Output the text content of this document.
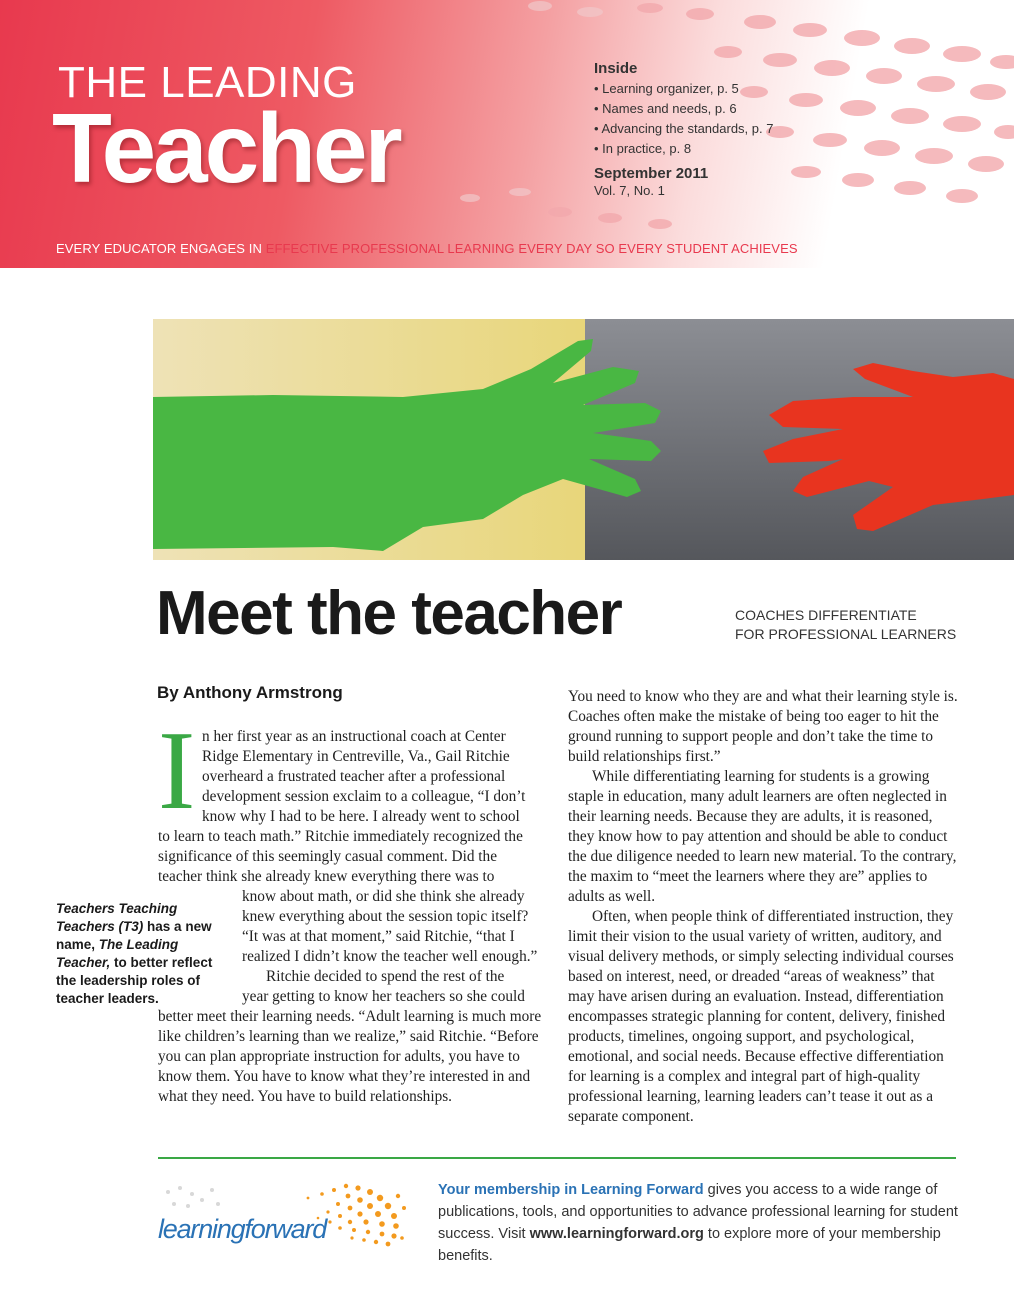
THE LEADING
Teacher
Inside
• Learning organizer, p. 5
• Names and needs, p. 6
• Advancing the standards, p. 7
• In practice, p. 8
September 2011
Vol. 7, No. 1
EVERY EDUCATOR ENGAGES IN EFFECTIVE PROFESSIONAL LEARNING EVERY DAY SO EVERY STUDENT ACHIEVES
Meet the teacher	COACHES DIFFERENTIATE
FOR PROFESSIONAL LEARNERS
By Anthony Armstrong
I n her first year as an instructional coach at Center Ridge Elementary in Centreville, Va., Gail Ritchie overheard a frustrated teacher after a professional development session exclaim to a colleague, “I don’t know why I had to be here. I already went to school
to learn to teach math.” Ritchie immediately recognized the significance of this seemingly casual comment. Did the teacher think she already knew everything there was to

know about math, or did she think she already knew everything about the session topic itself? “It was at that moment,” said Ritchie, “that I realized I didn’t know the teacher well enough.”

Ritchie decided to spend the rest of the

year getting to know her teachers so she could

better meet their learning needs. “Adult learning is much more like children’s learning than we realize,” said Ritchie. “Before you can plan appropriate instruction for adults, you have to know them. You have to know what they’re interested in and what they need. You have to build relationships.
Teachers Teaching Teachers (T3) has a new name, The Leading Teacher, to better reflect the leadership roles of teacher leaders.

You need to know who they are and what their learning style is. Coaches often make the mistake of being too eager to hit the ground running to support people and don’t take the time to build relationships first.”

While differentiating learning for students is a growing staple in education, many adult learners are often neglected in their learning needs. Because they are adults, it is reasoned, they know how to pay attention and should be able to conduct the due diligence needed to learn new material. To the contrary, the maxim to “meet the learners where they are” applies to adults as well.

Often, when people think of differentiated instruction, they limit their vision to the usual variety of written, auditory, and visual delivery methods, or simply selecting individual courses based on interest, need, or dreaded “areas of weakness” that may have arisen during an evaluation. Instead, differentiation encompasses strategic planning for content, delivery, finished products, timelines, ongoing support, and psychological, emotional, and social needs. Because effective differentiation for learning is a complex and integral part of high-quality professional learning, learning leaders can’t tease it out as a separate component.

learningforward
Your membership in Learning Forward gives you access to a wide range of publications, tools, and opportunities to advance professional learning for student success. Visit www.learningforward.org to explore more of your membership benefits.
